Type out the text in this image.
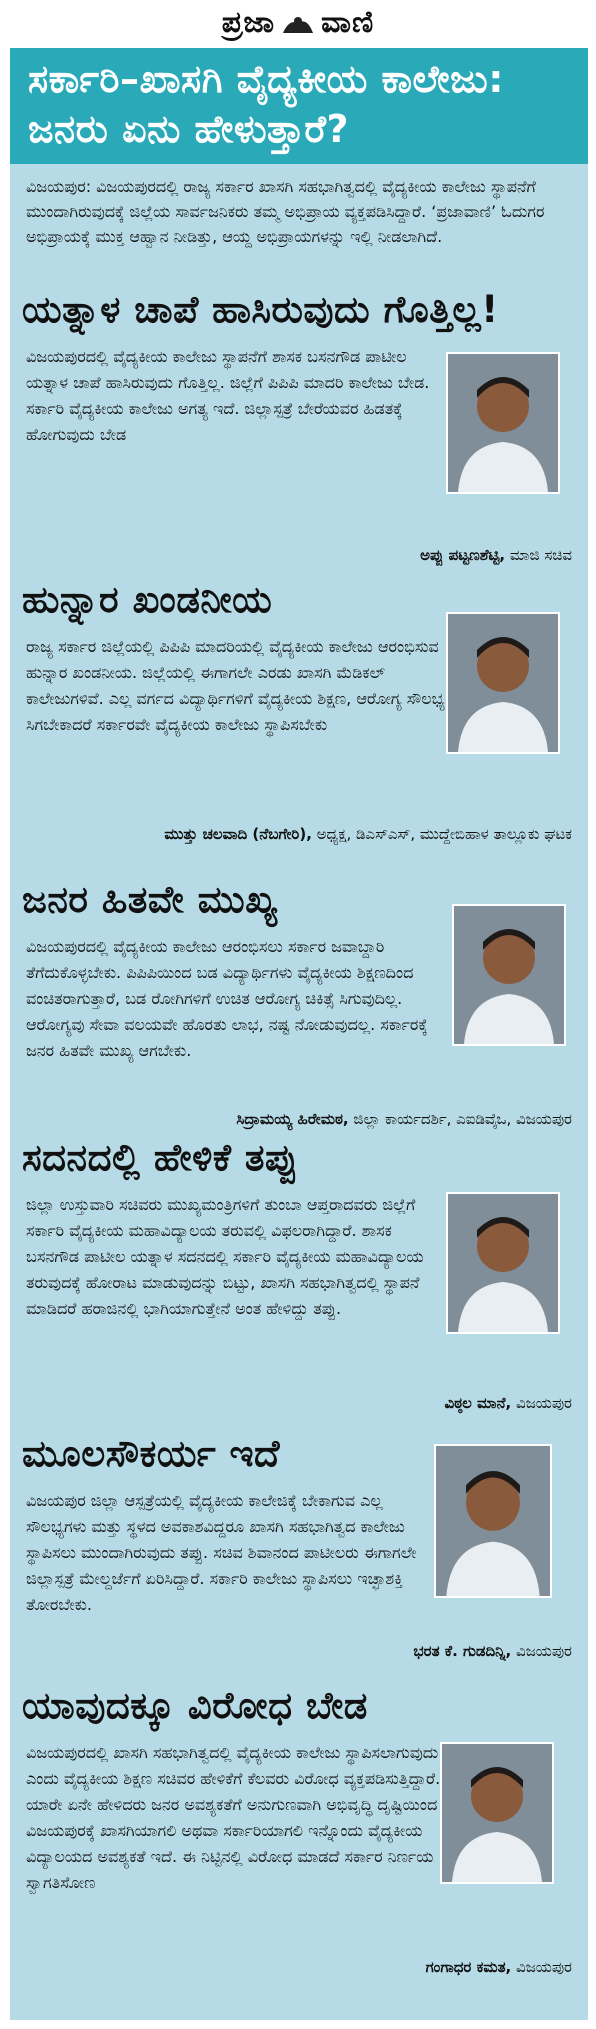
ಪ್ರಜಾ ವಾಣಿ
ಸರ್ಕಾರಿ–ಖಾಸಗಿ ವೈದ್ಯಕೀಯ ಕಾಲೇಜು: ಜನರು ಏನು ಹೇಳುತ್ತಾರೆ?
ವಿಜಯಪುರ: ವಿಜಯಪುರದಲ್ಲಿ ರಾಜ್ಯ ಸರ್ಕಾರ ಖಾಸಗಿ ಸಹಭಾಗಿತ್ವದಲ್ಲಿ ವೈದ್ಯಕೀಯ ಕಾಲೇಜು ಸ್ಥಾಪನೆಗೆ ಮುಂದಾಗಿರುವುದಕ್ಕೆ ಜಿಲ್ಲೆಯ ಸಾರ್ವಜನಿಕರು ತಮ್ಮ ಅಭಿಪ್ರಾಯ ವ್ಯಕ್ತಪಡಿಸಿದ್ದಾರೆ. ‘ಪ್ರಜಾವಾಣಿ’ ಓದುಗರ ಅಭಿಪ್ರಾಯಕ್ಕೆ ಮುಕ್ತ ಆಹ್ವಾನ ನೀಡಿತ್ತು, ಆಯ್ದ ಅಭಿಪ್ರಾಯಗಳನ್ನು ಇಲ್ಲಿ ನೀಡಲಾಗಿದೆ.
ಯತ್ನಾಳ ಚಾಪೆ ಹಾಸಿರುವುದು ಗೊತ್ತಿಲ್ಲ!
ವಿಜಯಪುರದಲ್ಲಿ ವೈದ್ಯಕೀಯ ಕಾಲೇಜು ಸ್ಥಾಪನೆಗೆ ಶಾಸಕ ಬಸನಗೌಡ ಪಾಟೀಲ ಯತ್ನಾಳ ಚಾಪೆ ಹಾಸಿರುವುದು ಗೊತ್ತಿಲ್ಲ. ಜಿಲ್ಲೆಗೆ ಪಿಪಿಪಿ ಮಾದರಿ ಕಾಲೇಜು ಬೇಡ. ಸರ್ಕಾರಿ ವೈದ್ಯಕೀಯ ಕಾಲೇಜು ಅಗತ್ಯ ಇದೆ. ಜಿಲ್ಲಾಸ್ಪತ್ರೆ ಬೇರೆಯವರ ಹಿಡತಕ್ಕೆ ಹೋಗುವುದು ಬೇಡ
ಅಪ್ಪು ಪಟ್ಟಣಶೆಟ್ಟಿ, ಮಾಜಿ ಸಚಿವ
ಹುನ್ನಾರ ಖಂಡನೀಯ
ರಾಜ್ಯ ಸರ್ಕಾರ ಜಿಲ್ಲೆಯಲ್ಲಿ ಪಿಪಿಪಿ ಮಾದರಿಯಲ್ಲಿ ವೈದ್ಯಕೀಯ ಕಾಲೇಜು ಆರಂಭಿಸುವ ಹುನ್ನಾರ ಖಂಡನೀಯ. ಜಿಲ್ಲೆಯಲ್ಲಿ ಈಗಾಗಲೇ ಎರಡು ಖಾಸಗಿ ಮೆಡಿಕಲ್ ಕಾಲೇಜುಗಳಿವೆ. ಎಲ್ಲ ವರ್ಗದ ವಿದ್ಯಾರ್ಥಿಗಳಿಗೆ ವೈದ್ಯಕೀಯ ಶಿಕ್ಷಣ, ಆರೋಗ್ಯ ಸೌಲಭ್ಯ ಸಿಗಬೇಕಾದರೆ ಸರ್ಕಾರವೇ ವೈದ್ಯಕೀಯ ಕಾಲೇಜು ಸ್ಥಾಪಿಸಬೇಕು
ಮುತ್ತು ಚಲವಾದಿ (ನೆಬಗೇರಿ), ಅಧ್ಯಕ್ಷ, ಡಿಎಸ್‌ಎಸ್, ಮುದ್ದೇಬಿಹಾಳ ತಾಲ್ಲೂಕು ಘಟಕ
ಜನರ ಹಿತವೇ ಮುಖ್ಯ
ವಿಜಯಪುರದಲ್ಲಿ ವೈದ್ಯಕೀಯ ಕಾಲೇಜು ಆರಂಭಿಸಲು ಸರ್ಕಾರ ಜವಾಬ್ದಾರಿ ತೆಗೆದುಕೊಳ್ಳಬೇಕು. ಪಿಪಿಪಿಯಿಂದ ಬಡ ವಿದ್ಯಾರ್ಥಿಗಳು ವೈದ್ಯಕೀಯ ಶಿಕ್ಷಣದಿಂದ ವಂಚಿತರಾಗುತ್ತಾರೆ, ಬಡ ರೋಗಿಗಳಿಗೆ ಉಚಿತ ಆರೋಗ್ಯ ಚಿಕಿತ್ಸೆ ಸಿಗುವುದಿಲ್ಲ. ಆರೋಗ್ಯವು ಸೇವಾ ವಲಯವೇ ಹೊರತು ಲಾಭ, ನಷ್ಟ ನೋಡುವುದಲ್ಲ. ಸರ್ಕಾರಕ್ಕೆ ಜನರ ಹಿತವೇ ಮುಖ್ಯ ಆಗಬೇಕು.
ಸಿದ್ರಾಮಯ್ಯ ಹಿರೇಮಠ, ಜಿಲ್ಲಾ ಕಾರ್ಯದರ್ಶಿ, ಎಐಡಿವೈಒ, ವಿಜಯಪುರ
ಸದನದಲ್ಲಿ ಹೇಳಿಕೆ ತಪ್ಪು
ಜಿಲ್ಲಾ ಉಸ್ತುವಾರಿ ಸಚಿವರು ಮುಖ್ಯಮಂತ್ರಿಗಳಿಗೆ ತುಂಬಾ ಆಪ್ತರಾದವರು ಜಿಲ್ಲೆಗೆ ಸರ್ಕಾರಿ ವೈದ್ಯಕೀಯ ಮಹಾವಿದ್ಯಾಲಯ ತರುವಲ್ಲಿ ವಿಫಲರಾಗಿದ್ದಾರೆ. ಶಾಸಕ ಬಸನಗೌಡ ಪಾಟೀಲ ಯತ್ನಾಳ ಸದನದಲ್ಲಿ ಸರ್ಕಾರಿ ವೈದ್ಯಕೀಯ ಮಹಾವಿದ್ಯಾಲಯ ತರುವುದಕ್ಕೆ ಹೋರಾಟ ಮಾಡುವುದನ್ನು ಬಿಟ್ಟು, ಖಾಸಗಿ ಸಹಭಾಗಿತ್ವದಲ್ಲಿ ಸ್ಥಾಪನೆ ಮಾಡಿದರೆ ಹರಾಜಿನಲ್ಲಿ ಭಾಗಿಯಾಗುತ್ತೇನೆ ಅಂತ ಹೇಳಿದ್ದು ತಪ್ಪು.
ವಿಠ್ಠಲ ಮಾನೆ, ವಿಜಯಪುರ
ಮೂಲಸೌಕರ್ಯ ಇದೆ
ವಿಜಯಪುರ ಜಿಲ್ಲಾ ಆಸ್ಪತ್ರೆಯಲ್ಲಿ ವೈದ್ಯಕೀಯ ಕಾಲೇಜಿಕ್ಕೆ ಬೇಕಾಗುವ ಎಲ್ಲ ಸೌಲಭ್ಯಗಳು ಮತ್ತು ಸ್ಥಳದ ಅವಕಾಶವಿದ್ದರೂ ಖಾಸಗಿ ಸಹಭಾಗಿತ್ವದ ಕಾಲೇಜು ಸ್ಥಾಪಿಸಲು ಮುಂದಾಗಿರುವುದು ತಪ್ಪು. ಸಚಿವ ಶಿವಾನಂದ ಪಾಟೀಲರು ಈಗಾಗಲೇ ಜಿಲ್ಲಾಸ್ಪತ್ರೆ ಮೇಲ್ದರ್ಜೆಗೆ ಏರಿಸಿದ್ದಾರೆ. ಸರ್ಕಾರಿ ಕಾಲೇಜು ಸ್ಥಾಪಿಸಲು ಇಚ್ಛಾಶಕ್ತಿ ತೋರಬೇಕು.
ಭರತ ಕೆ. ಗುಡದಿನ್ನಿ, ವಿಜಯಪುರ
ಯಾವುದಕ್ಕೂ ವಿರೋಧ ಬೇಡ
ವಿಜಯಪುರದಲ್ಲಿ ಖಾಸಗಿ ಸಹಭಾಗಿತ್ವದಲ್ಲಿ ವೈದ್ಯಕೀಯ ಕಾಲೇಜು ಸ್ಥಾಪಿಸಲಾಗುವುದು ಎಂದು ವೈದ್ಯಕೀಯ ಶಿಕ್ಷಣ ಸಚಿವರ ಹೇಳಿಕೆಗೆ ಕೆಲವರು ವಿರೋಧ ವ್ಯಕ್ತಪಡಿಸುತ್ತಿದ್ದಾರೆ. ಯಾರೇ ಏನೇ ಹೇಳಿದರು ಜನರ ಅವಶ್ಯಕತೆಗೆ ಅನುಗುಣವಾಗಿ ಅಭಿವೃದ್ಧಿ ದೃಷ್ಟಿಯಿಂದ ವಿಜಯಪುರಕ್ಕೆ ಖಾಸಗಿಯಾಗಲಿ ಅಥವಾ ಸರ್ಕಾರಿಯಾಗಲಿ ಇನ್ನೊಂದು ವೈದ್ಯಕೀಯ ವಿದ್ಯಾಲಯದ ಅವಶ್ಯಕತೆ ಇದೆ. ಈ ನಿಟ್ಟಿನಲ್ಲಿ ವಿರೋಧ ಮಾಡದೆ ಸರ್ಕಾರ ನಿರ್ಣಯ ಸ್ವಾಗತಿಸೋಣ
ಗಂಗಾಧರ ಕಮತ, ವಿಜಯಪುರ
